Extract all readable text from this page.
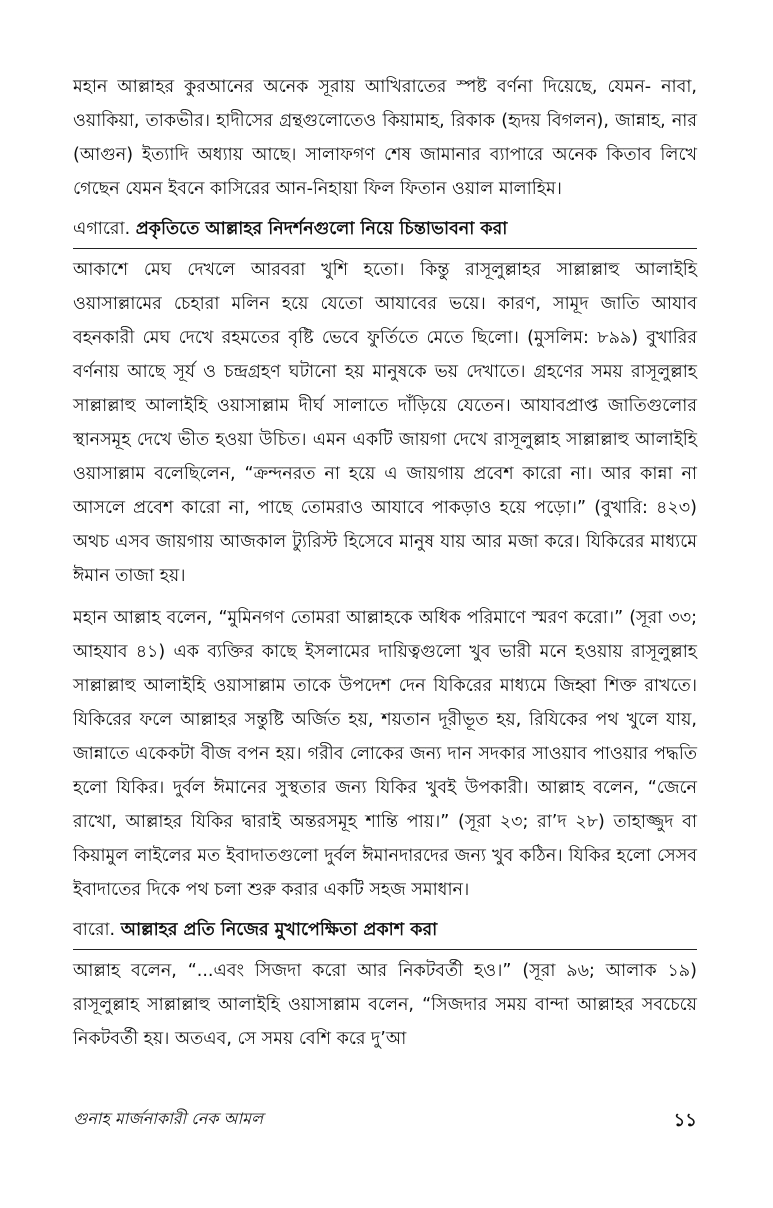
মহান আল্লাহর কুরআনের অনেক সূরায় আখিরাতের স্পষ্ট বর্ণনা দিয়েছে, যেমন- নাবা, ওয়াকিয়া, তাকভীর। হাদীসের গ্রন্থগুলোতেও কিয়ামাহ, রিকাক (হৃদয় বিগলন), জান্নাহ, নার (আগুন) ইত্যাদি অধ্যায় আছে। সালাফগণ শেষ জামানার ব্যাপারে অনেক কিতাব লিখে গেছেন যেমন ইবনে কাসিরের আন-নিহায়া ফিল ফিতান ওয়াল মালাহিম।

এগারো. প্রকৃতিতে আল্লাহর নিদর্শনগুলো নিয়ে চিন্তাভাবনা করা

আকাশে মেঘ দেখলে আরবরা খুশি হতো। কিন্তু রাসূলুল্লাহর সাল্লাল্লাহু আলাইহি ওয়াসাল্লামের চেহারা মলিন হয়ে যেতো আযাবের ভয়ে। কারণ, সামূদ জাতি আযাব বহনকারী মেঘ দেখে রহমতের বৃষ্টি ভেবে ফুর্তিতে মেতে ছিলো। (মুসলিম: ৮৯৯) বুখারির বর্ণনায় আছে সূর্য ও চন্দ্রগ্রহণ ঘটানো হয় মানুষকে ভয় দেখাতে। গ্রহণের সময় রাসূলুল্লাহ সাল্লাল্লাহু আলাইহি ওয়াসাল্লাম দীর্ঘ সালাতে দাঁড়িয়ে যেতেন। আযাবপ্রাপ্ত জাতিগুলোর স্থানসমূহ দেখে ভীত হওয়া উচিত। এমন একটি জায়গা দেখে রাসূলুল্লাহ সাল্লাল্লাহু আলাইহি ওয়াসাল্লাম বলেছিলেন, “ক্রন্দনরত না হয়ে এ জায়গায় প্রবেশ কারো না। আর কান্না না আসলে প্রবেশ কারো না, পাছে তোমরাও আযাবে পাকড়াও হয়ে পড়ো।” (বুখারি: ৪২৩) অথচ এসব জায়গায় আজকাল ট্যুরিস্ট হিসেবে মানুষ যায় আর মজা করে। যিকিরের মাধ্যমে ঈমান তাজা হয়।

মহান আল্লাহ বলেন, “মুমিনগণ তোমরা আল্লাহকে অধিক পরিমাণে স্মরণ করো।” (সূরা ৩৩; আহযাব ৪১) এক ব্যক্তির কাছে ইসলামের দায়িত্বগুলো খুব ভারী মনে হওয়ায় রাসূলুল্লাহ সাল্লাল্লাহু আলাইহি ওয়াসাল্লাম তাকে উপদেশ দেন যিকিরের মাধ্যমে জিহ্বা শিক্ত রাখতে। যিকিরের ফলে আল্লাহর সন্তুষ্টি অর্জিত হয়, শয়তান দূরীভূত হয়, রিযিকের পথ খুলে যায়, জান্নাতে একেকটা বীজ বপন হয়। গরীব লোকের জন্য দান সদকার সাওয়াব পাওয়ার পদ্ধতি হলো যিকির। দুর্বল ঈমানের সুস্থতার জন্য যিকির খুবই উপকারী। আল্লাহ বলেন, “জেনে রাখো, আল্লাহর যিকির দ্বারাই অন্তরসমূহ শান্তি পায়।” (সূরা ২৩; রা’দ ২৮) তাহাজ্জুদ বা কিয়ামুল লাইলের মত ইবাদাতগুলো দুর্বল ঈমানদারদের জন্য খুব কঠিন। যিকির হলো সেসব ইবাদাতের দিকে পথ চলা শুরু করার একটি সহজ সমাধান।

বারো. আল্লাহর প্রতি নিজের মুখাপেক্ষিতা প্রকাশ করা

আল্লাহ বলেন, “...এবং সিজদা করো আর নিকটবর্তী হও।” (সূরা ৯৬; আলাক ১৯) রাসূলুল্লাহ সাল্লাল্লাহু আলাইহি ওয়াসাল্লাম বলেন, “সিজদার সময় বান্দা আল্লাহর সবচেয়ে নিকটবর্তী হয়। অতএব, সে সময় বেশি করে দু’আ

গুনাহ মার্জনাকারী নেক আমল	১১
